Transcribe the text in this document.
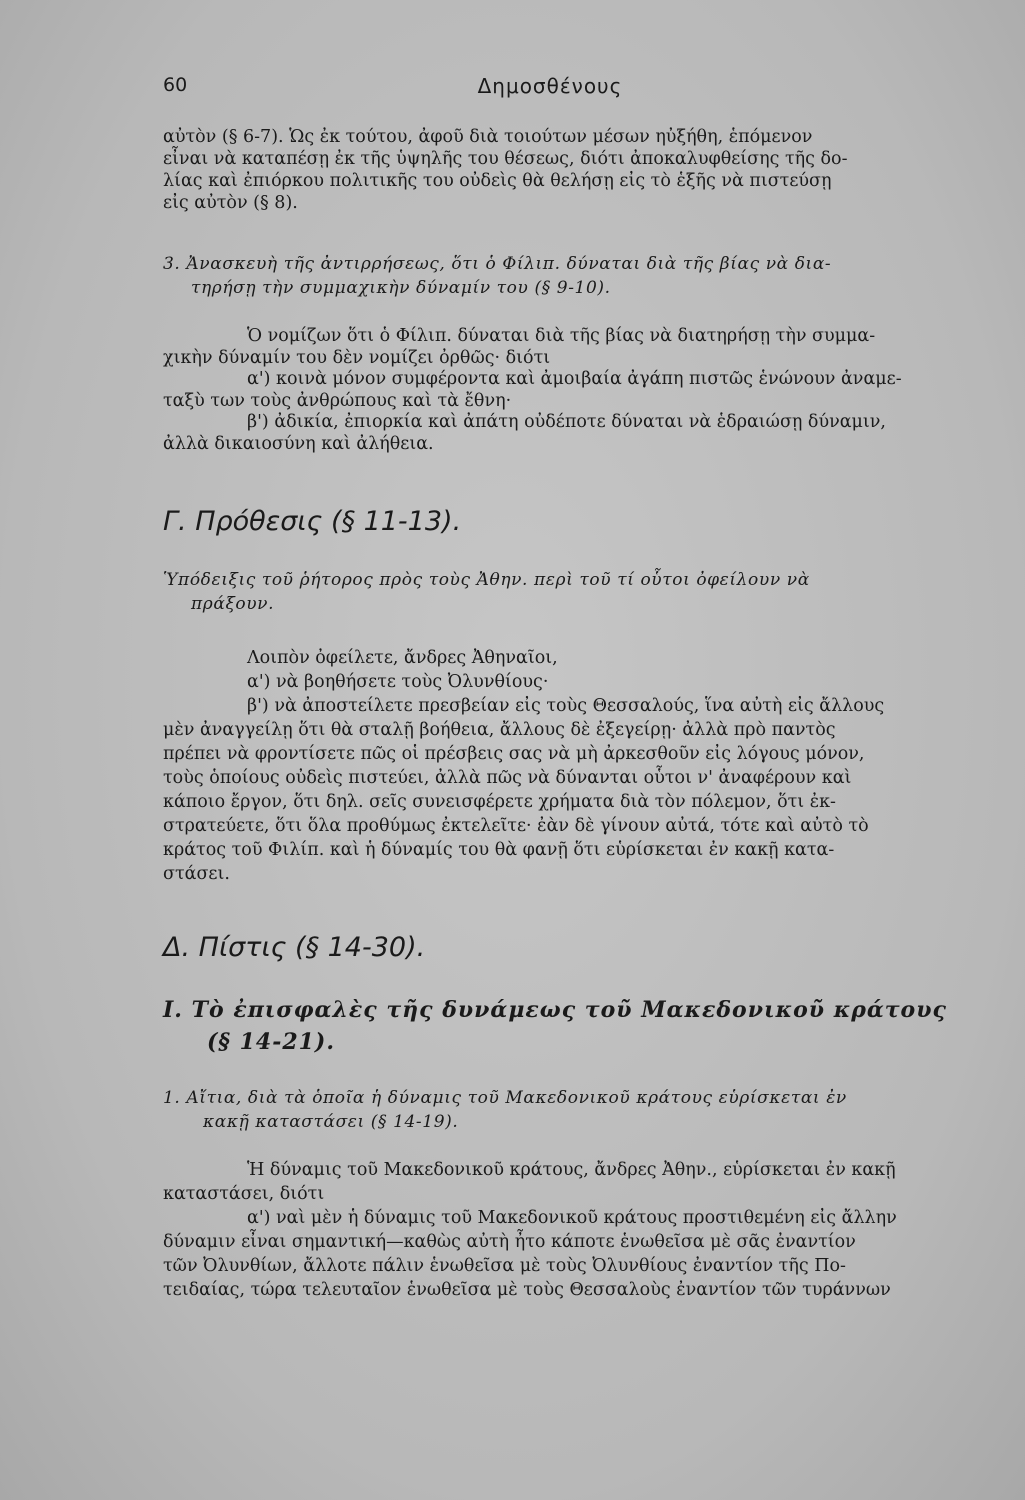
60	Δημοσθένους
αὐτὸν (§ 6-7). Ὡς ἐκ τούτου, ἀφοῦ διὰ τοιούτων μέσων ηὐξήθη, ἑπόμενον
εἶναι νὰ καταπέσῃ ἐκ τῆς ὑψηλῆς του θέσεως, διότι ἀποκαλυφθείσης τῆς δο-
λίας καὶ ἐπιόρκου πολιτικῆς του οὐδεὶς θὰ θελήσῃ εἰς τὸ ἑξῆς νὰ πιστεύσῃ
εἰς αὐτὸν (§ 8).
3. Ἀνασκευὴ τῆς ἀντιρρήσεως, ὅτι ὁ Φίλιπ. δύναται διὰ τῆς βίας νὰ δια-
τηρήσῃ τὴν συμμαχικὴν δύναμίν του (§ 9-10).
Ὁ νομίζων ὅτι ὁ Φίλιπ. δύναται διὰ τῆς βίας νὰ διατηρήσῃ τὴν συμμα-
χικὴν δύναμίν του δὲν νομίζει ὀρθῶς· διότι
α') κοινὰ μόνον συμφέροντα καὶ ἀμοιβαία ἀγάπη πιστῶς ἑνώνουν ἀναμε-
ταξὺ των τοὺς ἀνθρώπους καὶ τὰ ἔθνη·
β') ἀδικία, ἐπιορκία καὶ ἀπάτη οὐδέποτε δύναται νὰ ἑδραιώσῃ δύναμιν,
ἀλλὰ δικαιοσύνη καὶ ἀλήθεια.
Γ. Πρόθεσις (§ 11-13).
Ὑπόδειξις τοῦ ῥήτορος πρὸς τοὺς Ἀθην. περὶ τοῦ τί οὗτοι ὀφείλουν νὰ
πράξουν.
Λοιπὸν ὀφείλετε, ἄνδρες Ἀθηναῖοι,
α') νὰ βοηθήσετε τοὺς Ὀλυνθίους·
β') νὰ ἀποστείλετε πρεσβείαν εἰς τοὺς Θεσσαλούς, ἵνα αὐτὴ εἰς ἄλλους
μὲν ἀναγγείλῃ ὅτι θὰ σταλῇ βοήθεια, ἄλλους δὲ ἐξεγείρῃ· ἀλλὰ πρὸ παντὸς
πρέπει νὰ φροντίσετε πῶς οἱ πρέσβεις σας νὰ μὴ ἀρκεσθοῦν εἰς λόγους μόνον,
τοὺς ὁποίους οὐδεὶς πιστεύει, ἀλλὰ πῶς νὰ δύνανται οὗτοι ν' ἀναφέρουν καὶ
κάποιο ἔργον, ὅτι δηλ. σεῖς συνεισφέρετε χρήματα διὰ τὸν πόλεμον, ὅτι ἐκ-
στρατεύετε, ὅτι ὅλα προθύμως ἐκτελεῖτε· ἐὰν δὲ γίνουν αὐτά, τότε καὶ αὐτὸ τὸ
κράτος τοῦ Φιλίπ. καὶ ἡ δύναμίς του θὰ φανῇ ὅτι εὑρίσκεται ἐν κακῇ κατα-
στάσει.
Δ. Πίστις (§ 14-30).
I. Τὸ ἐπισφαλὲς τῆς δυνάμεως τοῦ Μακεδονικοῦ κράτους
(§ 14-21).
1. Αἴτια, διὰ τὰ ὁποῖα ἡ δύναμις τοῦ Μακεδονικοῦ κράτους εὑρίσκεται ἐν
κακῇ καταστάσει (§ 14-19).
Ἡ δύναμις τοῦ Μακεδονικοῦ κράτους, ἄνδρες Ἀθην., εὑρίσκεται ἐν κακῇ
καταστάσει, διότι
α') ναὶ μὲν ἡ δύναμις τοῦ Μακεδονικοῦ κράτους προστιθεμένη εἰς ἄλλην
δύναμιν εἶναι σημαντική—καθὼς αὐτὴ ἦτο κάποτε ἑνωθεῖσα μὲ σᾶς ἐναντίον
τῶν Ὀλυνθίων, ἄλλοτε πάλιν ἑνωθεῖσα μὲ τοὺς Ὀλυνθίους ἐναντίον τῆς Πο-
τειδαίας, τώρα τελευταῖον ἑνωθεῖσα μὲ τοὺς Θεσσαλοὺς ἐναντίον τῶν τυράννων
